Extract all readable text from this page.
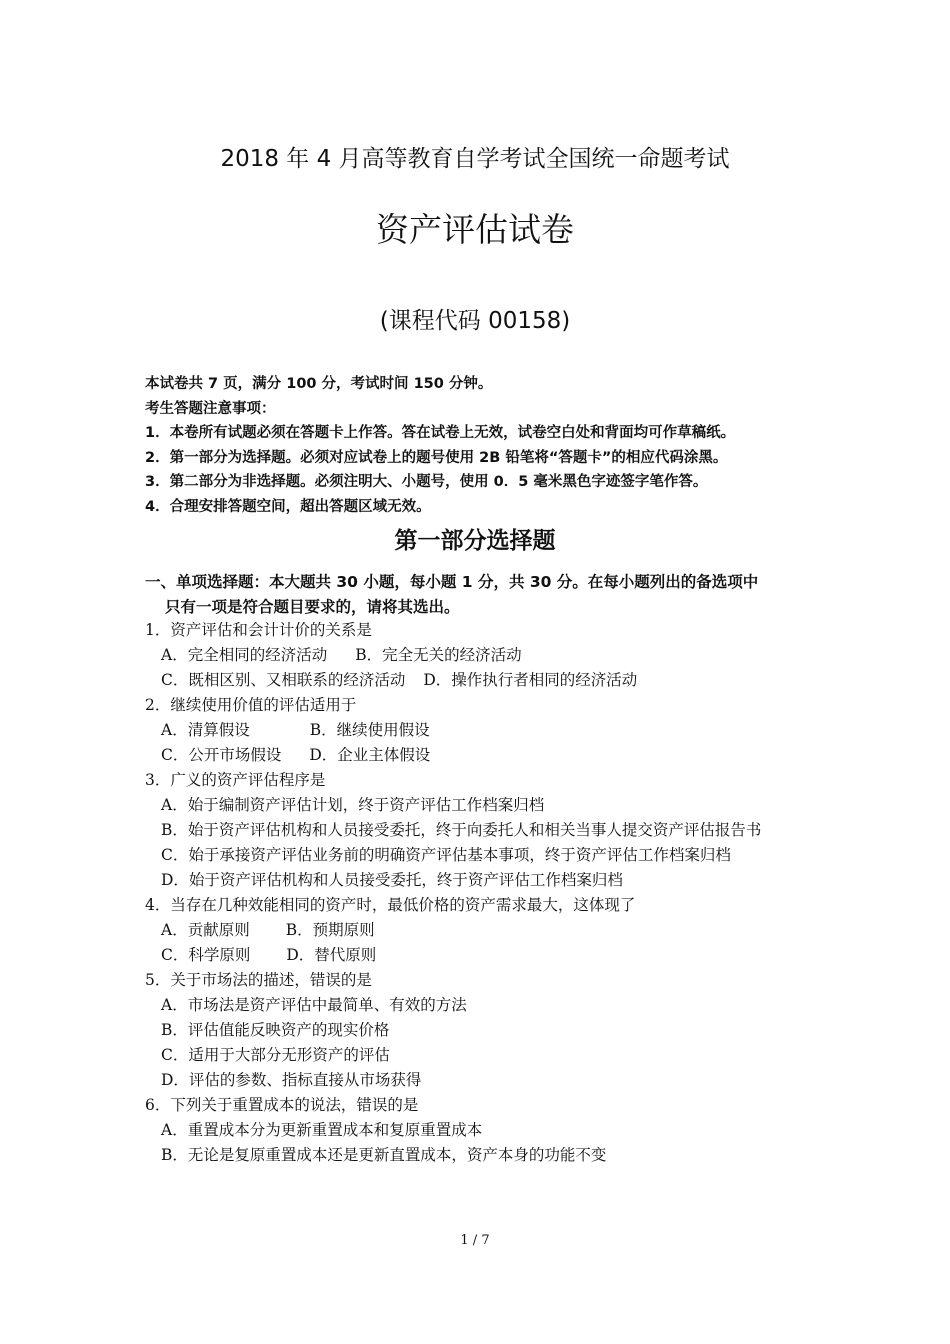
2018 年 4 月高等教育自学考试全国统一命题考试
资产评估试卷
(课程代码 00158)
本试卷共 7 页，满分 100 分，考试时间 150 分钟。
考生答题注意事项：
1．本卷所有试题必须在答题卡上作答。答在试卷上无效，试卷空白处和背面均可作草稿纸。
2．第一部分为选择题。必须对应试卷上的题号使用 2B 铅笔将“答题卡”的相应代码涂黑。
3．第二部分为非选择题。必须注明大、小题号，使用 0．5 毫米黑色字迹签字笔作答。
4．合理安排答题空间，超出答题区域无效。
第一部分选择题
一、单项选择题：本大题共 30 小题，每小题 1 分，共 30 分。在每小题列出的备选项中
只有一项是符合题目要求的，请将其选出。
1．资产评估和会计计价的关系是
A．完全相同的经济活动 B．完全无关的经济活动
C．既相区别、又相联系的经济活动 D．操作执行者相同的经济活动
2．继续使用价值的评估适用于
A．清算假设	B．继续使用假设
C．公开市场假设 D．企业主体假设
3．广义的资产评估程序是
A．始于编制资产评估计划，终于资产评估工作档案归档
B．始于资产评估机构和人员接受委托，终于向委托人和相关当事人提交资产评估报告书
C．始于承接资产评估业务前的明确资产评估基本事项，终于资产评估工作档案归档
D．始于资产评估机构和人员接受委托，终于资产评估工作档案归档
4．当存在几种效能相同的资产时，最低价格的资产需求最大，这体现了
A．贡献原则 B．预期原则
C．科学原则 D．替代原则
5．关于市场法的描述，错误的是
A．市场法是资产评估中最简单、有效的方法
B．评估值能反映资产的现实价格
C．适用于大部分无形资产的评估
D．评估的参数、指标直接从市场获得
6．下列关于重置成本的说法，错误的是
A．重置成本分为更新重置成本和复原重置成本
B．无论是复原重置成本还是更新直置成本，资产本身的功能不变
1 / 7
